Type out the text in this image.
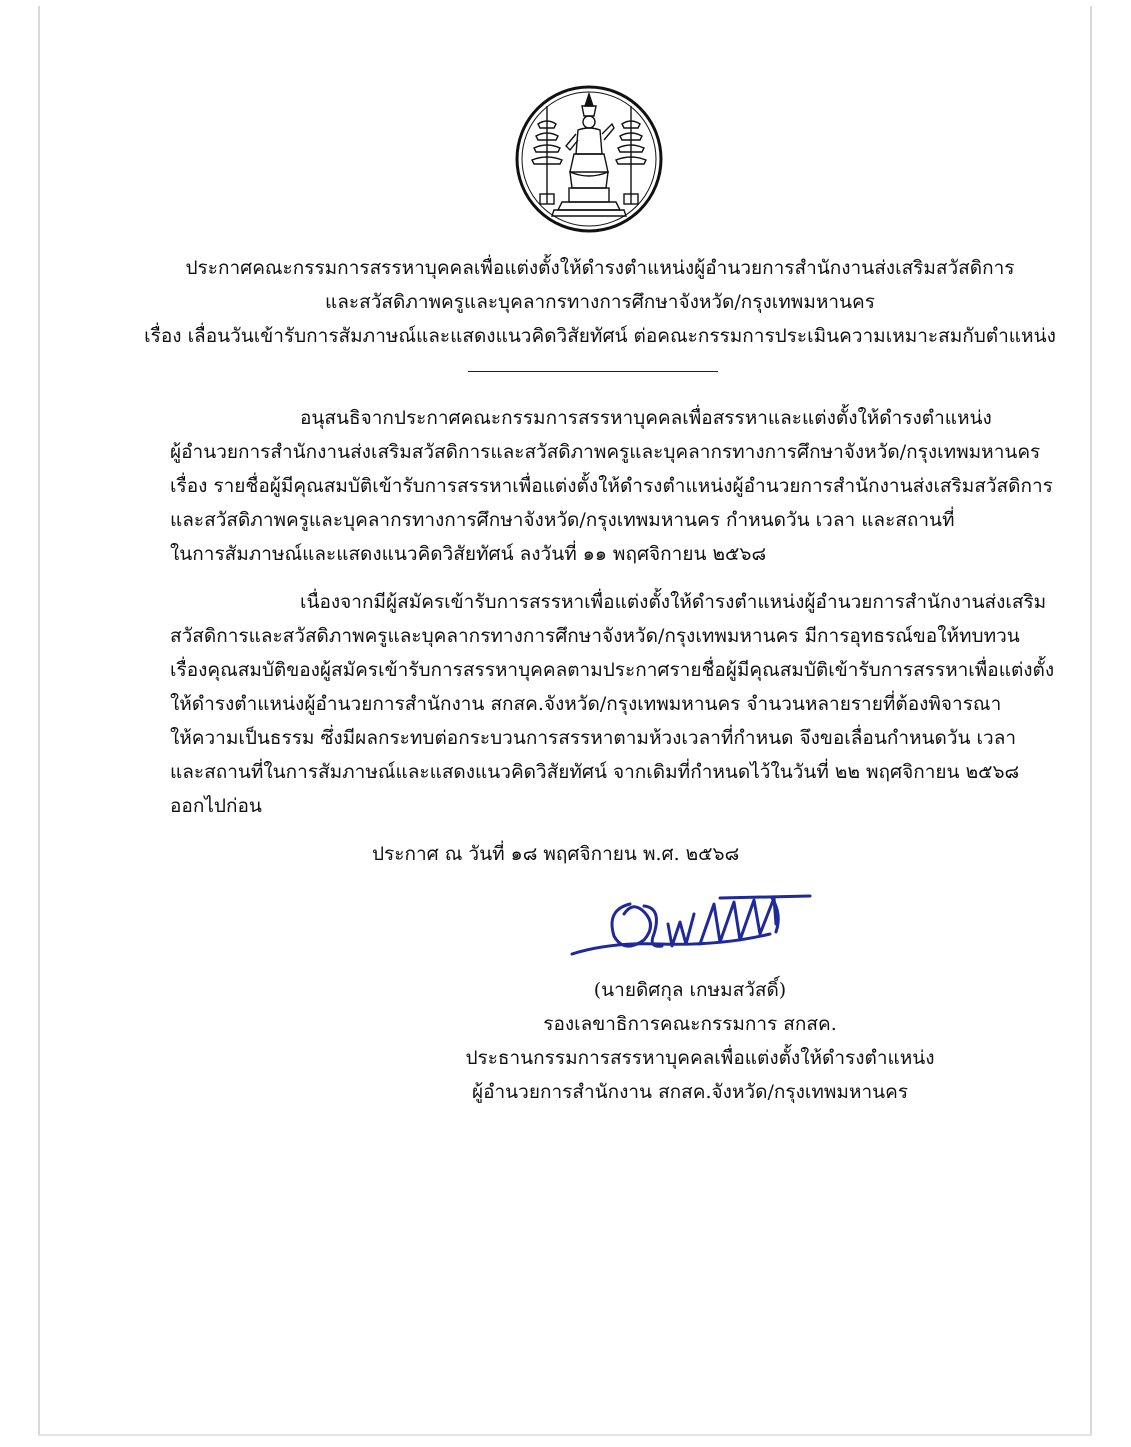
ประกาศคณะกรรมการสรรหาบุคคลเพื่อแต่งตั้งให้ดำรงตำแหน่งผู้อำนวยการสำนักงานส่งเสริมสวัสดิการ
และสวัสดิภาพครูและบุคลากรทางการศึกษาจังหวัด/กรุงเทพมหานคร
เรื่อง เลื่อนวันเข้ารับการสัมภาษณ์และแสดงแนวคิดวิสัยทัศน์ ต่อคณะกรรมการประเมินความเหมาะสมกับตำแหน่ง
อนุสนธิจากประกาศคณะกรรมการสรรหาบุคคลเพื่อสรรหาและแต่งตั้งให้ดำรงตำแหน่ง
ผู้อำนวยการสำนักงานส่งเสริมสวัสดิการและสวัสดิภาพครูและบุคลากรทางการศึกษาจังหวัด/กรุงเทพมหานคร
เรื่อง รายชื่อผู้มีคุณสมบัติเข้ารับการสรรหาเพื่อแต่งตั้งให้ดำรงตำแหน่งผู้อำนวยการสำนักงานส่งเสริมสวัสดิการ
และสวัสดิภาพครูและบุคลากรทางการศึกษาจังหวัด/กรุงเทพมหานคร กำหนดวัน เวลา และสถานที่
ในการสัมภาษณ์และแสดงแนวคิดวิสัยทัศน์ ลงวันที่ ๑๑ พฤศจิกายน ๒๕๖๘
เนื่องจากมีผู้สมัครเข้ารับการสรรหาเพื่อแต่งตั้งให้ดำรงตำแหน่งผู้อำนวยการสำนักงานส่งเสริม
สวัสดิการและสวัสดิภาพครูและบุคลากรทางการศึกษาจังหวัด/กรุงเทพมหานคร มีการอุทธรณ์ขอให้ทบทวน
เรื่องคุณสมบัติของผู้สมัครเข้ารับการสรรหาบุคคลตามประกาศรายชื่อผู้มีคุณสมบัติเข้ารับการสรรหาเพื่อแต่งตั้ง
ให้ดำรงตำแหน่งผู้อำนวยการสำนักงาน สกสค.จังหวัด/กรุงเทพมหานคร จำนวนหลายรายที่ต้องพิจารณา
ให้ความเป็นธรรม ซึ่งมีผลกระทบต่อกระบวนการสรรหาตามห้วงเวลาที่กำหนด จึงขอเลื่อนกำหนดวัน เวลา
และสถานที่ในการสัมภาษณ์และแสดงแนวคิดวิสัยทัศน์ จากเดิมที่กำหนดไว้ในวันที่ ๒๒ พฤศจิกายน ๒๕๖๘
ออกไปก่อน
ประกาศ ณ วันที่ ๑๘ พฤศจิกายน พ.ศ. ๒๕๖๘
(นายดิศกุล เกษมสวัสดิ์)
รองเลขาธิการคณะกรรมการ สกสค.
ประธานกรรมการสรรหาบุคคลเพื่อแต่งตั้งให้ดำรงตำแหน่ง
ผู้อำนวยการสำนักงาน สกสค.จังหวัด/กรุงเทพมหานคร
